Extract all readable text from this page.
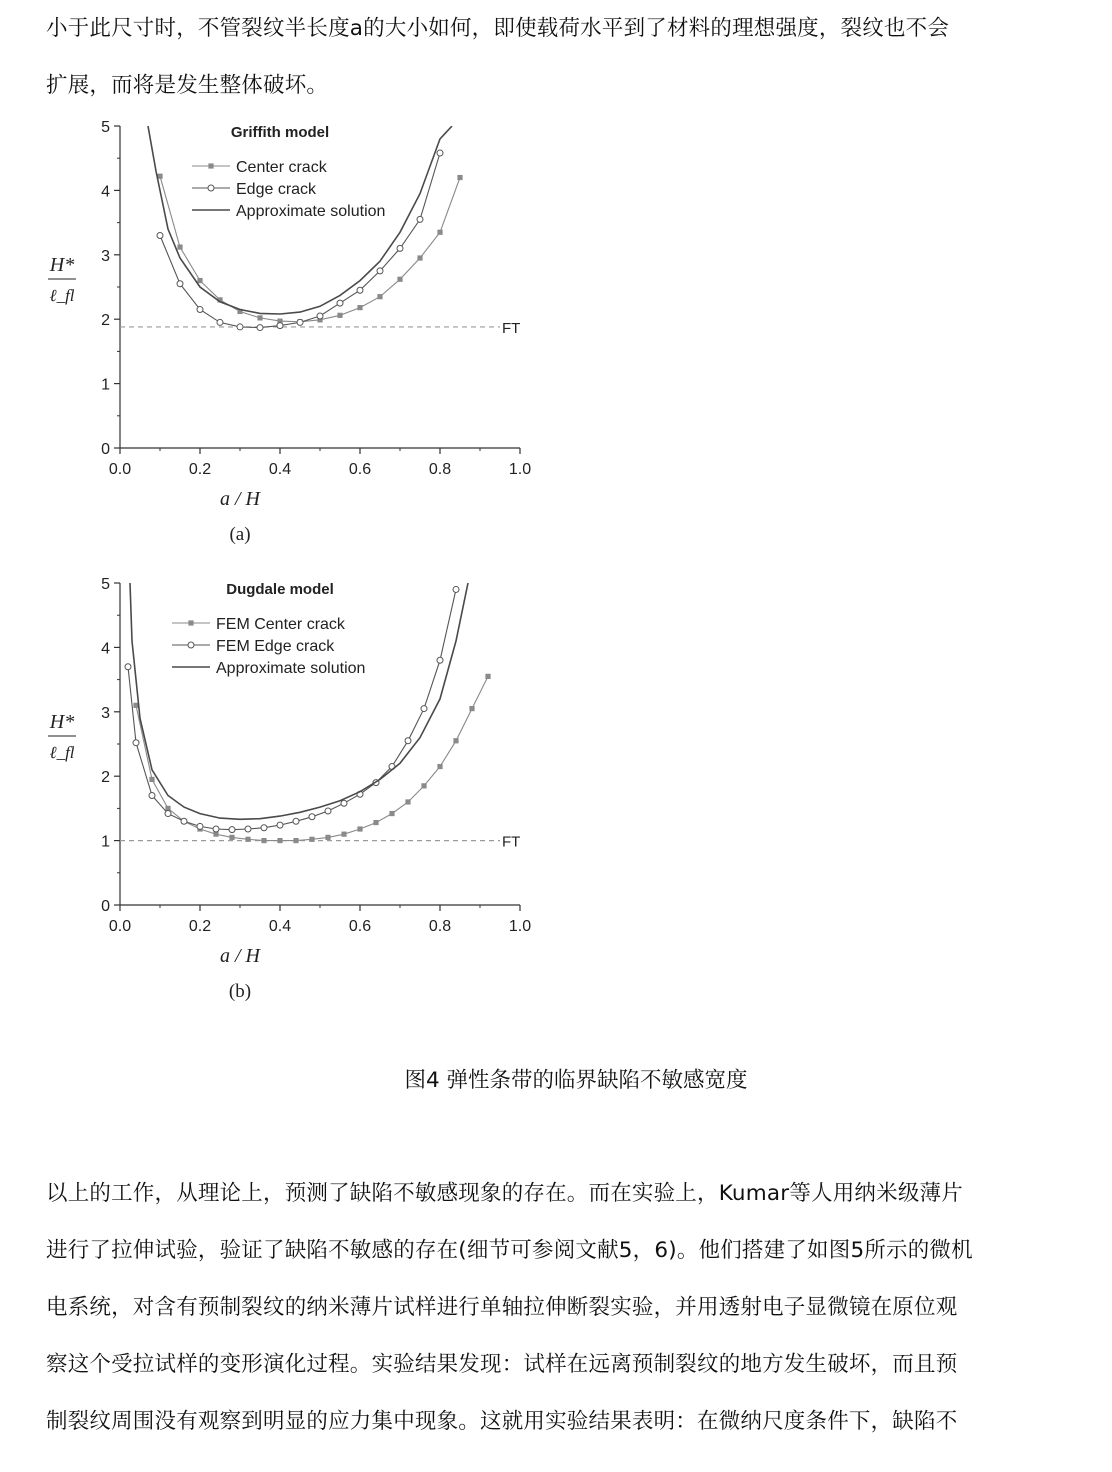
小于此尺寸时，不管裂纹半长度a的大小如何，即使载荷水平到了材料的理想强度，裂纹也不会
扩展，而将是发生整体破坏。
0
1
2
3
4
5
0.0	0.2	0.4	0.6	0.8	1.0
Griffith model
FT
Center crack
Edge crack
Approximate solution
H*
ℓ_fl
a / H
(a)
0
1
2
3
4
5
0.0	0.2	0.4	0.6	0.8	1.0
Dugdale model
FT
FEM Center crack
FEM Edge crack
Approximate solution
H*
ℓ_fl
a / H
(b)
图4 弹性条带的临界缺陷不敏感宽度
以上的工作，从理论上，预测了缺陷不敏感现象的存在。而在实验上，Kumar等人用纳米级薄片
进行了拉伸试验，验证了缺陷不敏感的存在(细节可参阅文献5，6)。他们搭建了如图5所示的微机
电系统，对含有预制裂纹的纳米薄片试样进行单轴拉伸断裂实验，并用透射电子显微镜在原位观
察这个受拉试样的变形演化过程。实验结果发现：试样在远离预制裂纹的地方发生破坏，而且预
制裂纹周围没有观察到明显的应力集中现象。这就用实验结果表明：在微纳尺度条件下，缺陷不
